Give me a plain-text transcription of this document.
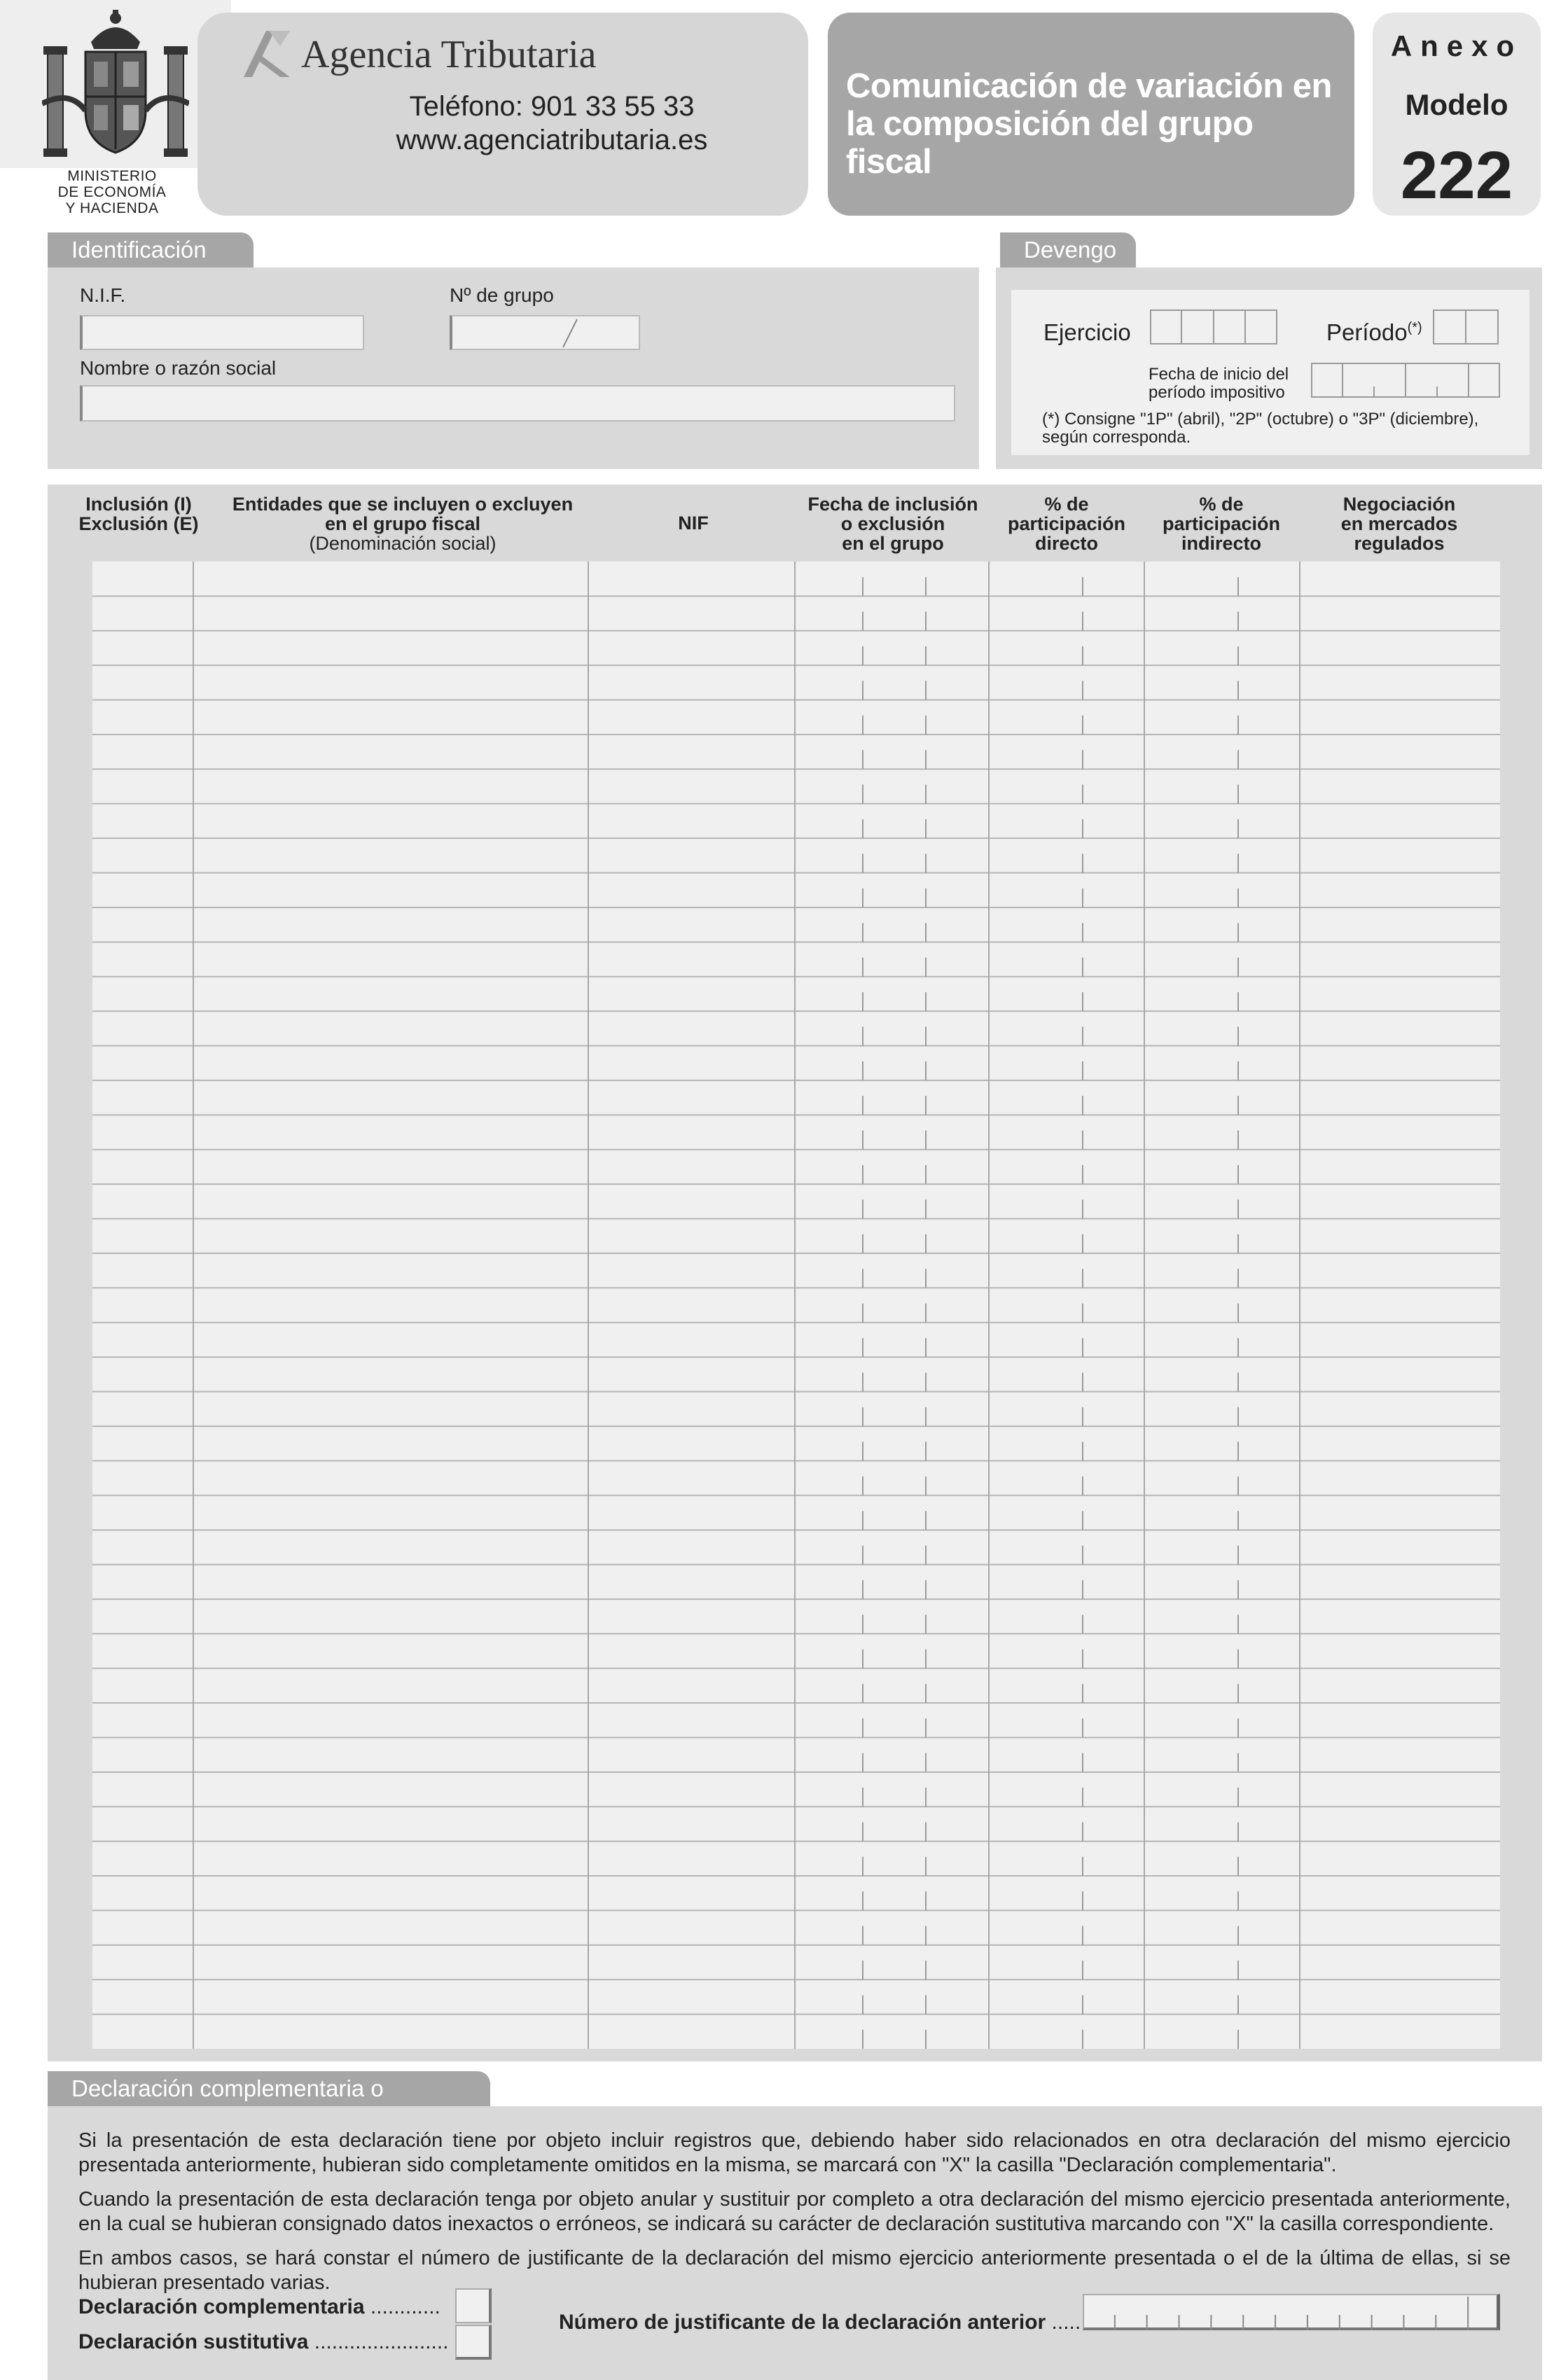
MINISTERIO
DE ECONOMÍA
Y HACIENDA
Agencia Tributaria
Teléfono: 901 33 55 33
www.agenciatributaria.es
Comunicación de variación en la composición del grupo fiscal
Anexo
Modelo
222
Identificación
N.I.F.	Nº de grupo
Nombre o razón social
Devengo
Ejercicio	Período(*)
Fecha de inicio del
período impositivo
(*) Consigne "1P" (abril), "2P" (octubre) o "3P" (diciembre), según corresponda.
Inclusión (I)
Exclusión (E)
Entidades que se incluyen o excluyen
en el grupo fiscal
(Denominación social)
NIF
Fecha de inclusión
o exclusión
en el grupo
% de
participación
directo
% de
participación
indirecto
Negociación
en mercados
regulados
Declaración complementaria o
Si la presentación de esta declaración tiene por objeto incluir registros que, debiendo haber sido relacionados en otra declaración del mismo ejercicio presentada anteriormente, hubieran sido completamente omitidos en la misma, se marcará con "X" la casilla "Declaración complementaria".
Cuando la presentación de esta declaración tenga por objeto anular y sustituir por completo a otra declaración del mismo ejercicio presentada anteriormente, en la cual se hubieran consignado datos inexactos o erróneos, se indicará su carácter de declaración sustitutiva marcando con "X" la casilla correspondiente.
En ambos casos, se hará constar el número de justificante de la declaración del mismo ejercicio anteriormente presentada o el de la última de ellas, si se hubieran presentado varias.
Declaración complementaria ............
Declaración sustitutiva .......................
Número de justificante de la declaración anterior .....
